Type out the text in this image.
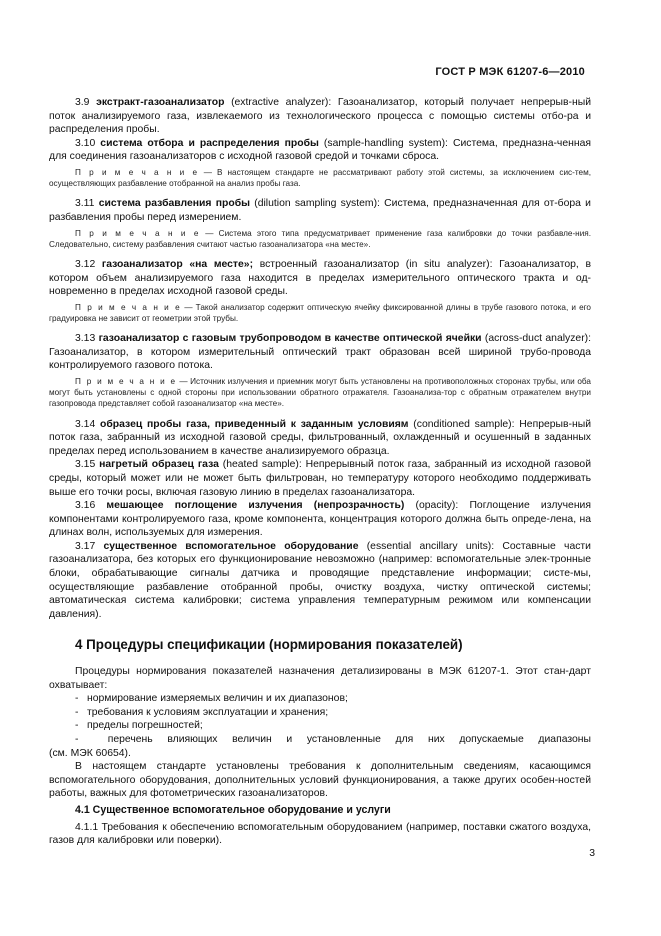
ГОСТ Р МЭК 61207-6—2010

3.9 экстракт-газоанализатор (extractive analyzer): Газоанализатор, который получает непрерыв-ный поток анализируемого газа, извлекаемого из технологического процесса с помощью системы отбо-ра и распределения пробы.

3.10 система отбора и распределения пробы (sample-handling system): Система, предназна-ченная для соединения газоанализаторов с исходной газовой средой и точками сброса.

П р и м е ч а н и е — В настоящем стандарте не рассматривают работу этой системы, за исключением сис-тем, осуществляющих разбавление отобранной на анализ пробы газа.

3.11 система разбавления пробы (dilution sampling system): Система, предназначенная для от-бора и разбавления пробы перед измерением.

П р и м е ч а н и е — Система этого типа предусматривает применение газа калибровки до точки разбавле-ния. Следовательно, систему разбавления считают частью газоанализатора «на месте».

3.12 газоанализатор «на месте»; встроенный газоанализатор (in situ analyzer): Газоанализатор, в котором объем анализируемого газа находится в пределах измерительного оптического тракта и од-новременно в пределах исходной газовой среды.

П р и м е ч а н и е — Такой анализатор содержит оптическую ячейку фиксированной длины в трубе газового потока, и его градуировка не зависит от геометрии этой трубы.

3.13 газоанализатор с газовым трубопроводом в качестве оптической ячейки (across-duct analyzer): Газоанализатор, в котором измерительный оптический тракт образован всей шириной трубо-провода контролируемого газового потока.

П р и м е ч а н и е — Источник излучения и приемник могут быть установлены на противоположных сторонах трубы, или оба могут быть установлены с одной стороны при использовании обратного отражателя. Газоанализа-тор с обратным отражателем внутри газопровода представляет собой газоанализатор «на месте».

3.14 образец пробы газа, приведенный к заданным условиям (conditioned sample): Непрерыв-ный поток газа, забранный из исходной газовой среды, фильтрованный, охлажденный и осушенный в заданных пределах перед использованием в качестве анализируемого образца.

3.15 нагретый образец газа (heated sample): Непрерывный поток газа, забранный из исходной газовой среды, который может или не может быть фильтрован, но температуру которого необходимо поддерживать выше его точки росы, включая газовую линию в пределах газоанализатора.

3.16 мешающее поглощение излучения (непрозрачность) (opacity): Поглощение излучения компонентами контролируемого газа, кроме компонента, концентрация которого должна быть опреде-лена, на длинах волн, используемых для измерения.

3.17 существенное вспомогательное оборудование (essential ancillary units): Составные части газоанализатора, без которых его функционирование невозможно (например: вспомогательные элек-тронные блоки, обрабатывающие сигналы датчика и проводящие представление информации; систе-мы, осуществляющие разбавление отобранной пробы, очистку воздуха, чистку оптической системы; автоматическая система калибровки; система управления температурным режимом или компенсации давления).

4 Процедуры спецификации (нормирования показателей)

Процедуры нормирования показателей назначения детализированы в МЭК 61207-1. Этот стан-дарт охватывает:

- нормирование измеряемых величин и их диапазонов;
- требования к условиям эксплуатации и хранения;
- пределы погрешностей;

-  перечень влияющих величин и установленные для них допускаемые диапазоны

(см. МЭК 60654).

В настоящем стандарте установлены требования к дополнительным сведениям, касающимся вспомогательного оборудования, дополнительных условий функционирования, а также других особен-ностей работы, важных для фотометрических газоанализаторов.

4.1 Существенное вспомогательное оборудование и услуги

4.1.1 Требования к обеспечению вспомогательным оборудованием (например, поставки сжатого воздуха, газов для калибровки или поверки).

3
